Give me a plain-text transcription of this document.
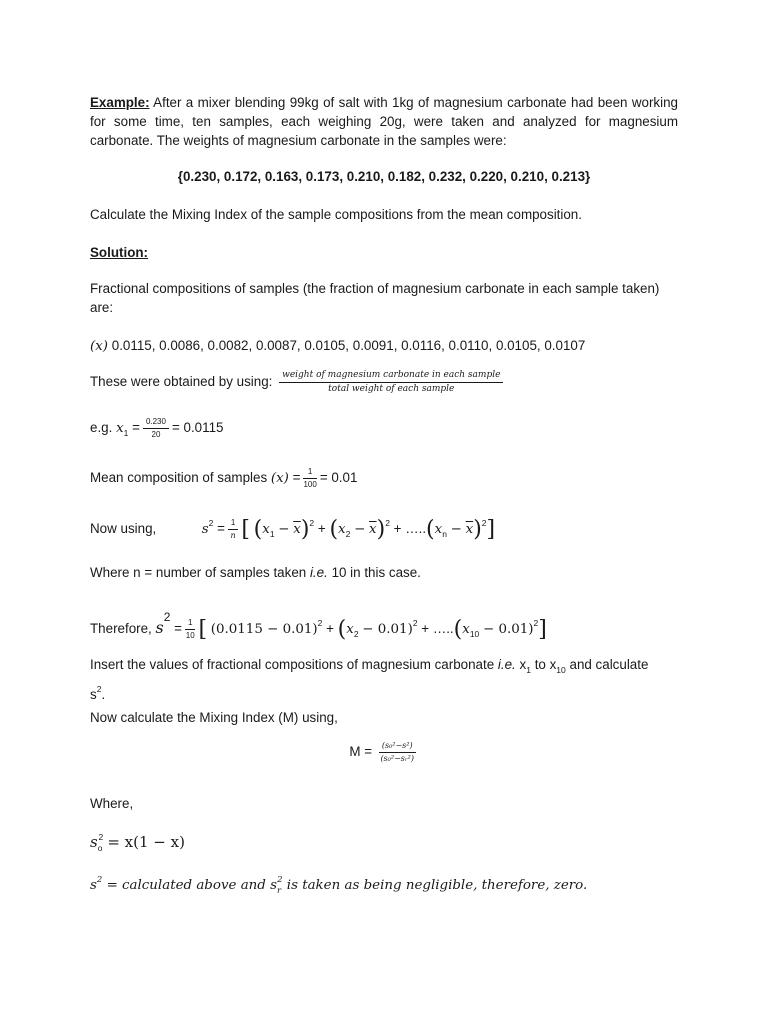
Example: After a mixer blending 99kg of salt with 1kg of magnesium carbonate had been working for some time, ten samples, each weighing 20g, were taken and analyzed for magnesium carbonate. The weights of magnesium carbonate in the samples were:
{0.230, 0.172, 0.163, 0.173, 0.210, 0.182, 0.232, 0.220, 0.210, 0.213}
Calculate the Mixing Index of the sample compositions from the mean composition.
Solution:
Fractional compositions of samples (the fraction of magnesium carbonate in each sample taken) are:
(x) 0.0115, 0.0086, 0.0082, 0.0087, 0.0105, 0.0091, 0.0116, 0.0110, 0.0105, 0.0107
These were obtained by using: $\frac{\text{weight of magnesium carbonate in each sample}}{\text{total weight of each sample}}$
e.g. $x_1 = \frac{0.230}{20} = 0.0115$
Mean composition of samples $(x) = \frac{1}{100} = 0.01$
Now using,	$s^2 = \frac{1}{n}$ [ $(x_1 - \overline{x})^2 + (x_2 - \overline{x})^2$ + $\dots..(x_n - \overline{x})^2$]
Where n = number of samples taken i.e. 10 in this case.
Therefore, $s2 = \frac{1}{10}$ [ $(0.0115 - 0.01)^2 + (x_2 - 0.01)^2$ + $\dots..(x_{10} - 0.01)^2$]
Insert the values of fractional compositions of magnesium carbonate i.e. $x_1$ to $x_{10}$ and calculate
$s^2$.
Now calculate the Mixing Index (M) using,
$M = \frac{\text{(s₀²−s²)}}{\text{(s₀²−sᵣ²)}}$
Where,
$s_o^2 = x(1 - x)$
$s^2$ = calculated above and $s_r^2$ is taken as being negligible, therefore, zero.
